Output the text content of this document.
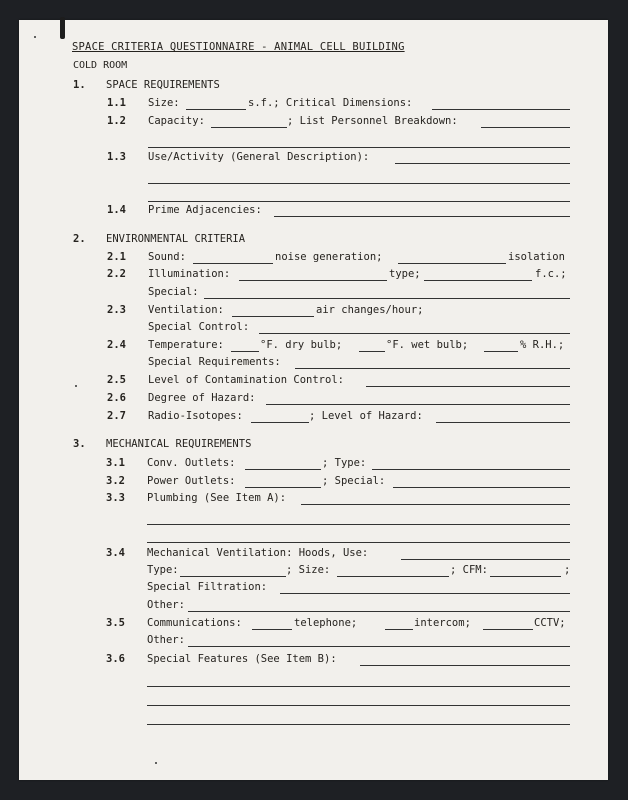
SPACE CRITERIA QUESTIONNAIRE - ANIMAL CELL BUILDING
COLD ROOM
1. SPACE REQUIREMENTS
1.1 Size:	s.f.; Critical Dimensions:
1.2 Capacity:	; List Personnel Breakdown:
1.3 Use/Activity (General Description):
1.4 Prime Adjacencies:
2. ENVIRONMENTAL CRITERIA
2.1 Sound:	noise generation;	isolation
2.2 Illumination:	type;	f.c.;
Special:
2.3 Ventilation:	air changes/hour;
Special Control:
2.4 Temperature:	°F. dry bulb;	°F. wet bulb;	% R.H.;
Special Requirements:
2.5 Level of Contamination Control:
2.6 Degree of Hazard:
2.7 Radio-Isotopes:	; Level of Hazard:
3. MECHANICAL REQUIREMENTS
3.1 Conv. Outlets:	; Type:
3.2 Power Outlets:	; Special:
3.3 Plumbing (See Item A):
3.4 Mechanical Ventilation: Hoods, Use:
Type:	; Size:	; CFM:	;
Special Filtration:
Other:
3.5 Communications:	telephone;	intercom;	CCTV;
Other:
3.6 Special Features (See Item B):
